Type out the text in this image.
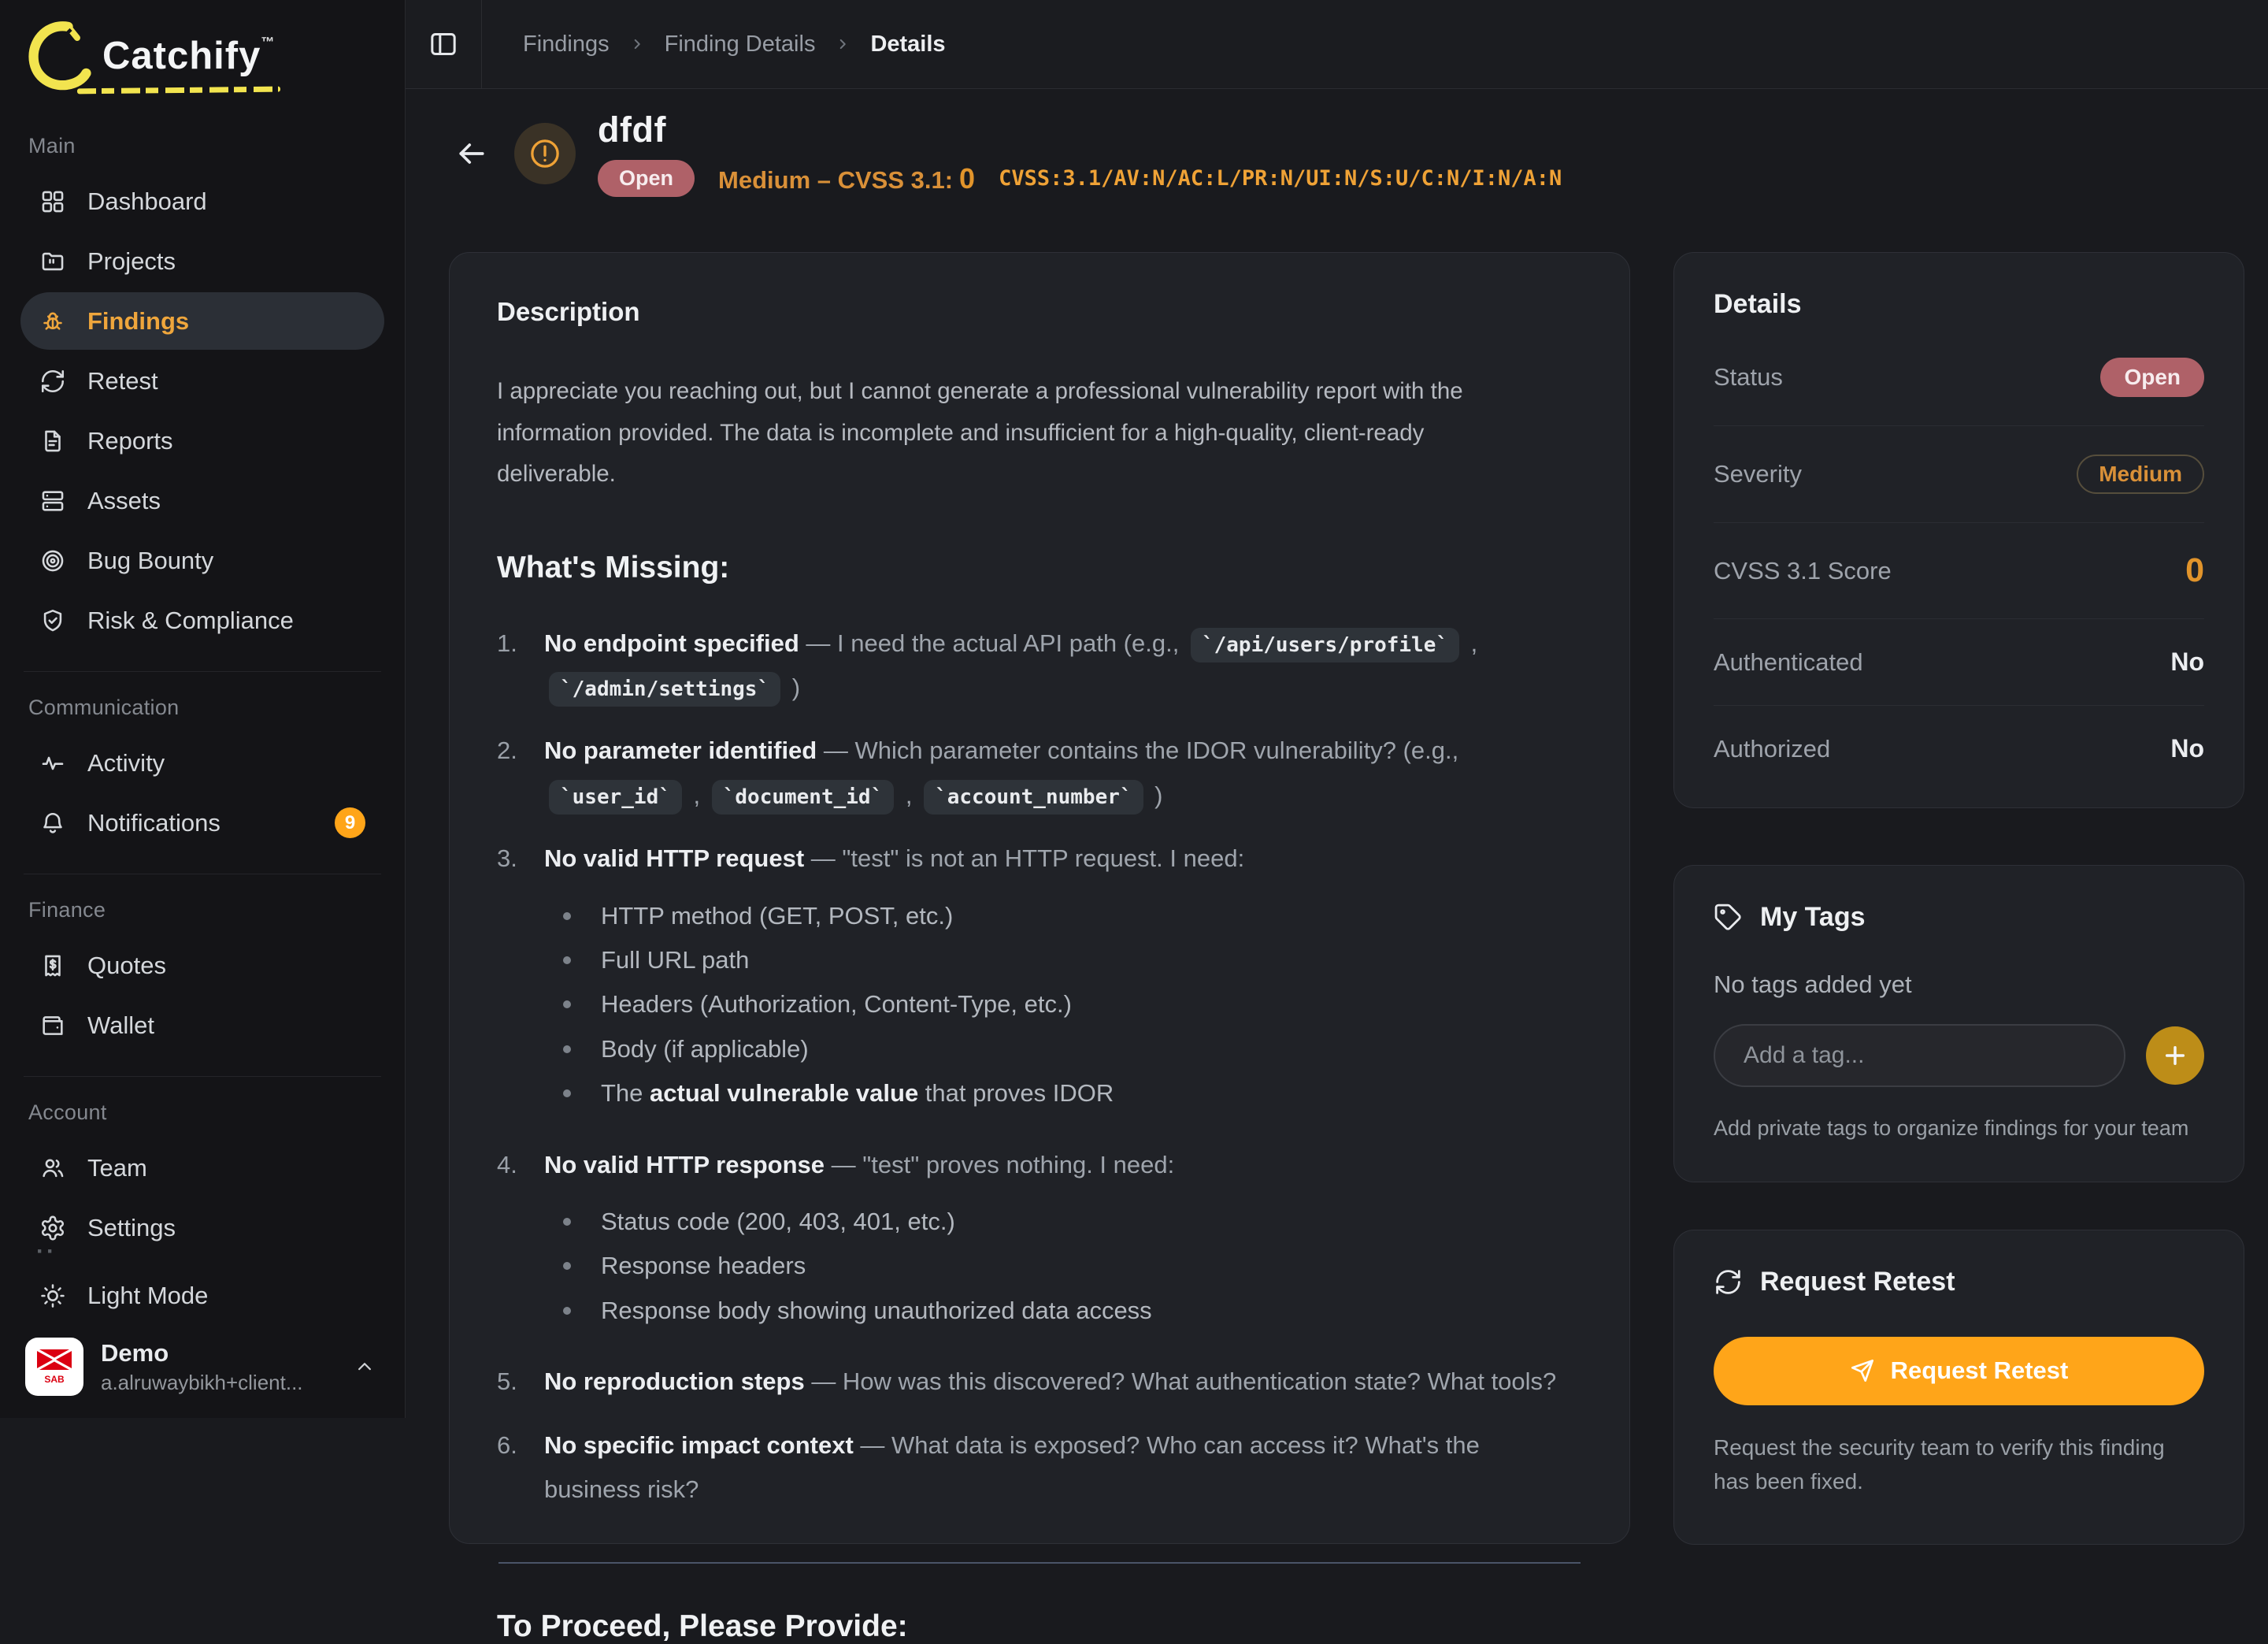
Catchify™
Main
Dashboard
Projects
Findings
Retest
Reports
Assets
Bug Bounty
Risk & Compliance
Communication
Activity
Notifications	9
Finance
Quotes
Wallet
Account
Team
Settings
··
Light Mode
SAB
Demo
a.alruwaybikh+client...
Findings Finding Details Details
dfdf
Open	Medium – CVSS 3.1: 0 CVSS:3.1/AV:N/AC:L/PR:N/UI:N/S:U/C:N/I:N/A:N
Description

I appreciate you reaching out, but I cannot generate a professional vulnerability report with the information provided. The data is incomplete and insufficient for a high-quality, client-ready deliverable.

What's Missing:
1.	No endpoint specified — I need the actual API path (e.g., `/api/users/profile` , `/admin/settings` )
2.	No parameter identified — Which parameter contains the IDOR vulnerability? (e.g., `user_id` , `document_id` , `account_number` )
3.	No valid HTTP request — "test" is not an HTTP request. I need:
HTTP method (GET, POST, etc.)
Full URL path
Headers (Authorization, Content-Type, etc.)
Body (if applicable)
The actual vulnerable value that proves IDOR
4.	No valid HTTP response — "test" proves nothing. I need:
Status code (200, 403, 401, etc.)
Response headers
Response body showing unauthorized data access
5.	No reproduction steps — How was this discovered? What authentication state? What tools?
6.	No specific impact context — What data is exposed? Who can access it? What's the business risk?
To Proceed, Please Provide:
Details
Status	Open
Severity	Medium
CVSS 3.1 Score	0
Authenticated	No
Authorized	No
My Tags

No tags added yet

Add a tag...

Add private tags to organize findings for your team

Request Retest
Request Retest

Request the security team to verify this finding has been fixed.
